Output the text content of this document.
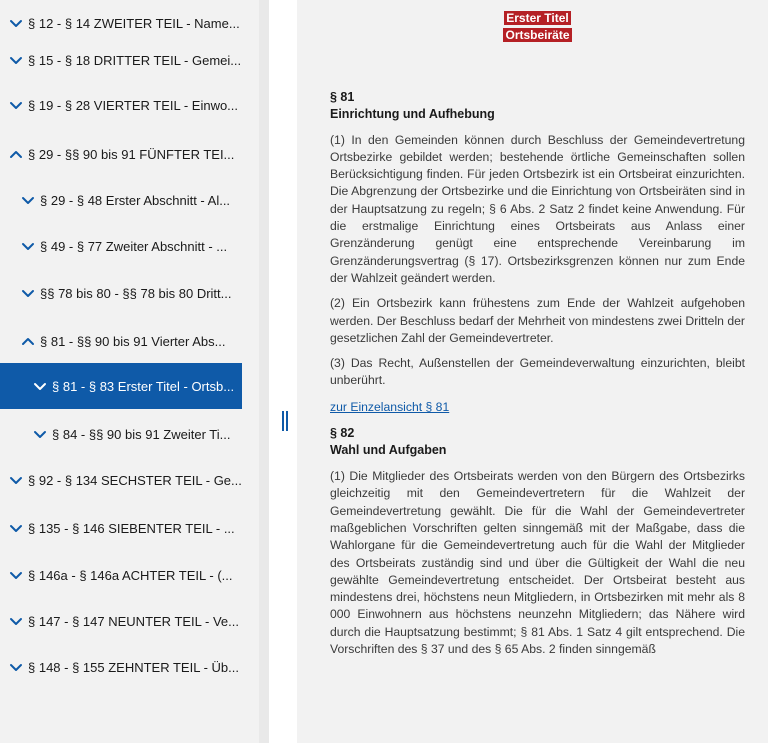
§ 12 - § 14 ZWEITER TEIL - Name...
§ 15 - § 18 DRITTER TEIL - Gemei...
§ 19 - § 28 VIERTER TEIL - Einwo...
§ 29 - §§ 90 bis 91 FÜNFTER TEI...
§ 29 - § 48 Erster Abschnitt - Al...
§ 49 - § 77 Zweiter Abschnitt - ...
§§ 78 bis 80 - §§ 78 bis 80 Dritt...
§ 81 - §§ 90 bis 91 Vierter Abs...
§ 81 - § 83 Erster Titel - Ortsb...
§ 84 - §§ 90 bis 91 Zweiter Ti...
§ 92 - § 134 SECHSTER TEIL - Ge...
§ 135 - § 146 SIEBENTER TEIL - ...
§ 146a - § 146a ACHTER TEIL - (...
§ 147 - § 147 NEUNTER TEIL - Ve...
§ 148 - § 155 ZEHNTER TEIL - Üb...
Erster Titel
Ortsbeiräte
§ 81
Einrichtung und Aufhebung

(1) In den Gemeinden können durch Beschluss der Gemeindevertretung Ortsbezirke gebildet werden; bestehende örtliche Gemeinschaften sollen Berücksichtigung finden. Für jeden Ortsbezirk ist ein Ortsbeirat einzurichten. Die Abgrenzung der Ortsbezirke und die Einrichtung von Ortsbeiräten sind in der Hauptsatzung zu regeln; § 6 Abs. 2 Satz 2 findet keine Anwendung. Für die erstmalige Einrichtung eines Ortsbeirats aus Anlass einer Grenzänderung genügt eine entsprechende Vereinbarung im Grenzänderungsvertrag (§ 17). Ortsbezirksgrenzen können nur zum Ende der Wahlzeit geändert werden.

(2) Ein Ortsbezirk kann frühestens zum Ende der Wahlzeit aufgehoben werden. Der Beschluss bedarf der Mehrheit von mindestens zwei Dritteln der gesetzlichen Zahl der Gemeindevertreter.

(3) Das Recht, Außenstellen der Gemeindeverwaltung einzurichten, bleibt unberührt.

zur Einzelansicht § 81
§ 82
Wahl und Aufgaben

(1) Die Mitglieder des Ortsbeirats werden von den Bürgern des Ortsbezirks gleichzeitig mit den Gemeindevertretern für die Wahlzeit der Gemeindevertretung gewählt. Die für die Wahl der Gemeindevertreter maßgeblichen Vorschriften gelten sinngemäß mit der Maßgabe, dass die Wahlorgane für die Gemeindevertretung auch für die Wahl der Mitglieder des Ortsbeirats zuständig sind und über die Gültigkeit der Wahl die neu gewählte Gemeindevertretung entscheidet. Der Ortsbeirat besteht aus mindestens drei, höchstens neun Mitgliedern, in Ortsbezirken mit mehr als 8 000 Einwohnern aus höchstens neunzehn Mitgliedern; das Nähere wird durch die Hauptsatzung bestimmt; § 81 Abs. 1 Satz 4 gilt entsprechend. Die Vorschriften des § 37 und des § 65 Abs. 2 finden sinngemäß
